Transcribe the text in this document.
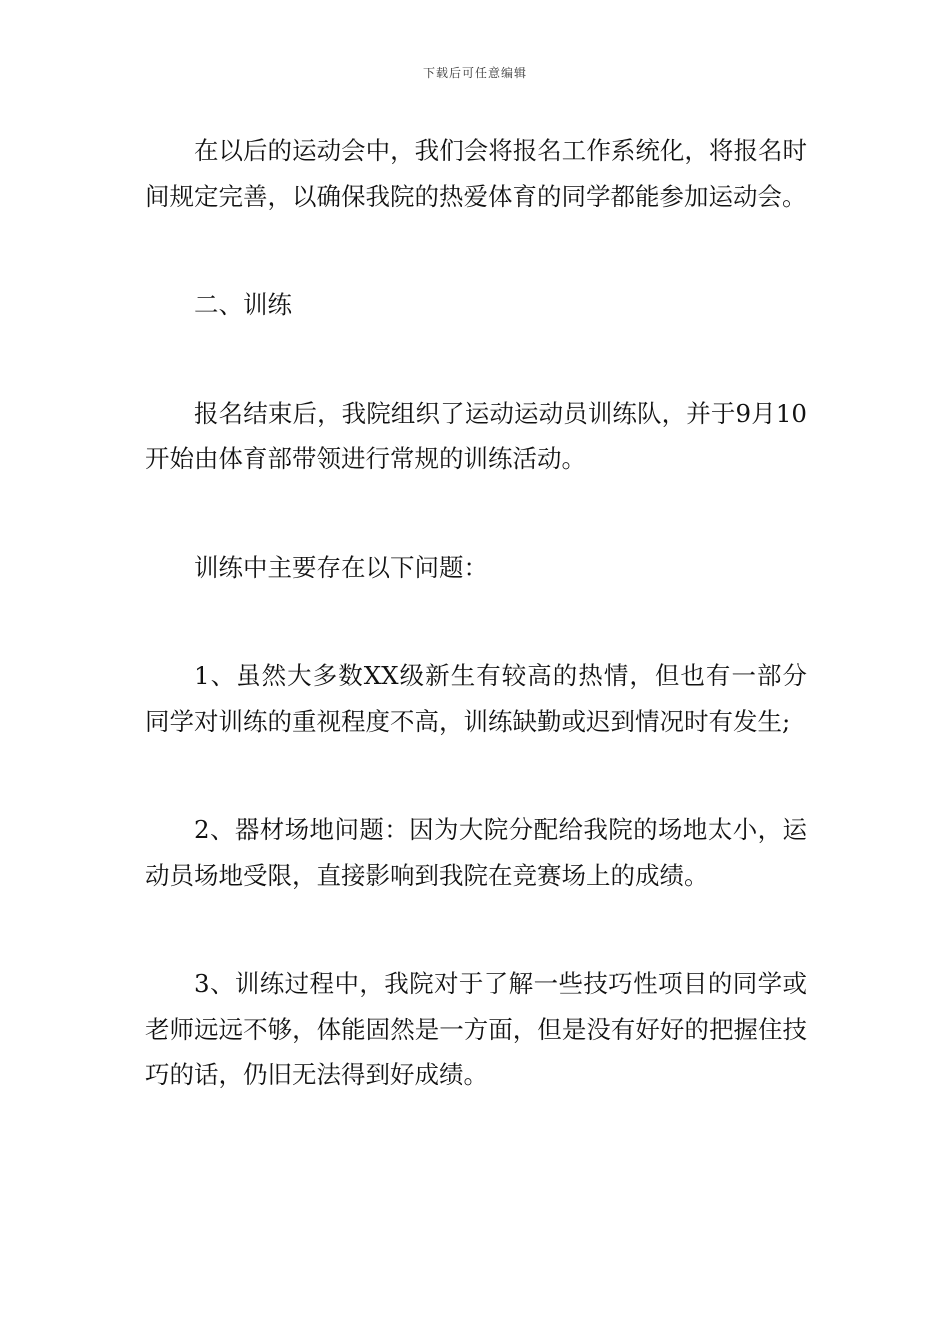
下载后可任意编辑

在以后的运动会中，我们会将报名工作系统化，将报名时间规定完善，以确保我院的热爱体育的同学都能参加运动会。

二、训练

报名结束后，我院组织了运动运动员训练队，并于9月10开始由体育部带领进行常规的训练活动。

训练中主要存在以下问题：

1、虽然大多数XX级新生有较高的热情，但也有一部分同学对训练的重视程度不高，训练缺勤或迟到情况时有发生;

2、器材场地问题：因为大院分配给我院的场地太小，运动员场地受限，直接影响到我院在竞赛场上的成绩。

3、训练过程中，我院对于了解一些技巧性项目的同学或老师远远不够，体能固然是一方面，但是没有好好的把握住技巧的话，仍旧无法得到好成绩。
